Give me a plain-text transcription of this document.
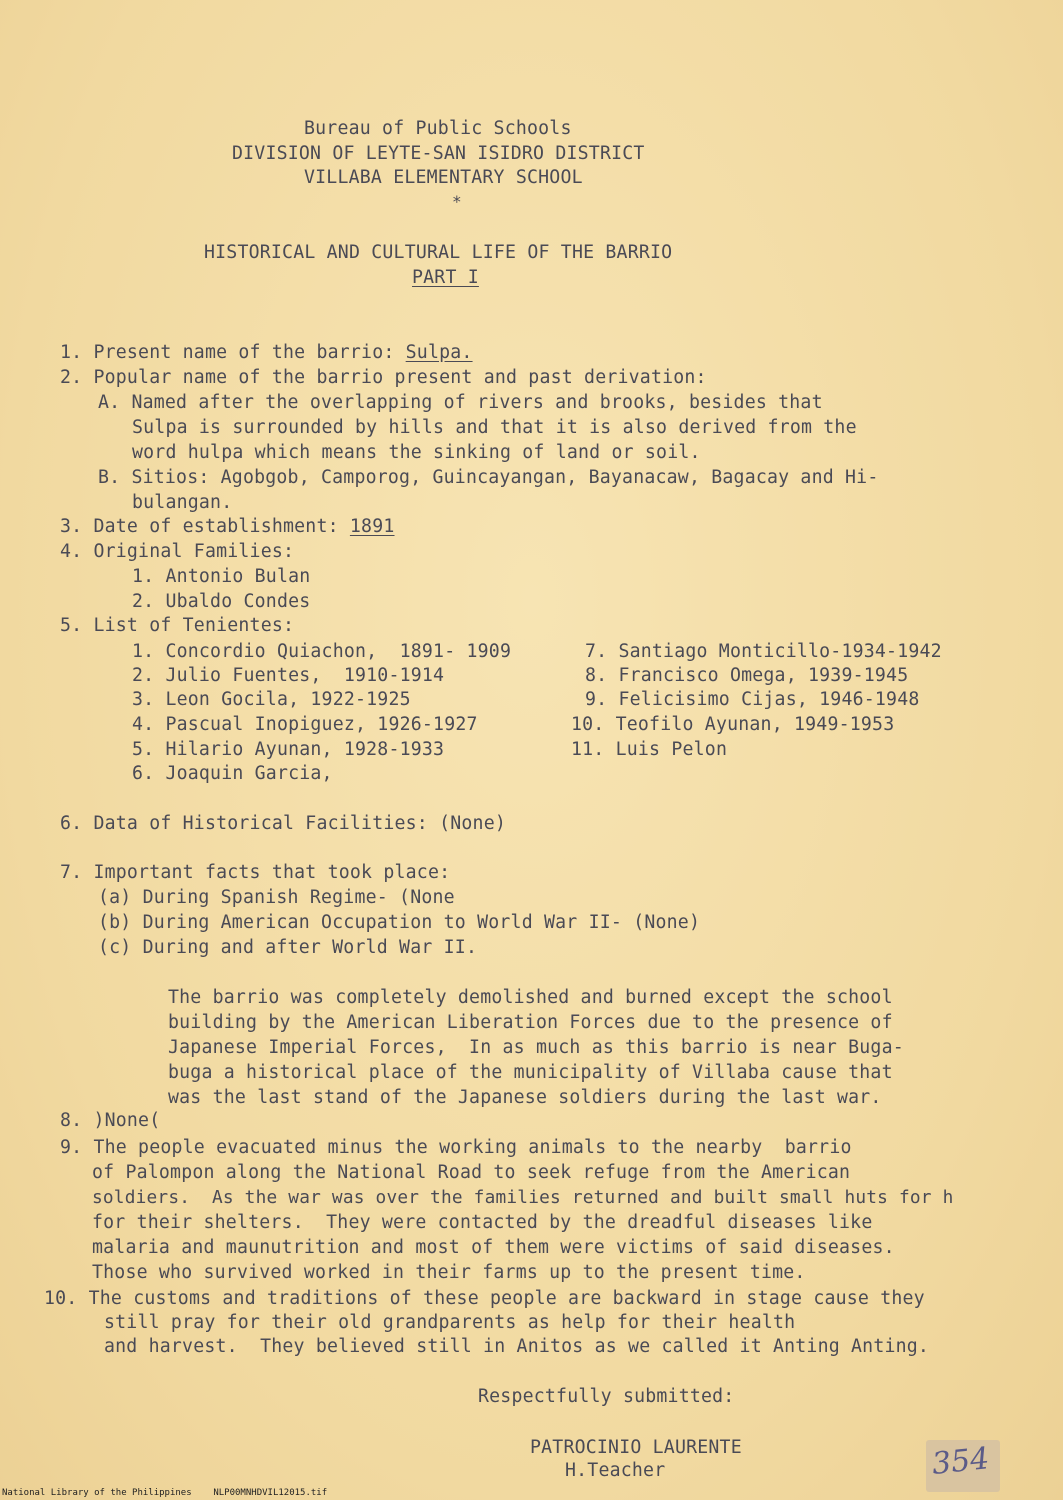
Bureau of Public Schools
DIVISION OF LEYTE-SAN ISIDRO DISTRICT
VILLABA ELEMENTARY SCHOOL
*
HISTORICAL AND CULTURAL LIFE OF THE BARRIO
PART I
1. Present name of the barrio: Sulpa.
2. Popular name of the barrio present and past derivation:
A. Named after the overlapping of rivers and brooks, besides that
Sulpa is surrounded by hills and that it is also derived from the
word hulpa which means the sinking of land or soil.
B. Sitios: Agobgob, Camporog, Guincayangan, Bayanacaw, Bagacay and Hi-
bulangan.
3. Date of establishment: 1891
4. Original Families:
1. Antonio Bulan
2. Ubaldo Condes
5. List of Tenientes:
1. Concordio Quiachon,  1891- 1909
2. Julio Fuentes,  1910-1914
3. Leon Gocila, 1922-1925
4. Pascual Inopiguez, 1926-1927
5. Hilario Ayunan, 1928-1933
6. Joaquin Garcia,
7. Santiago Monticillo-1934-1942
8. Francisco Omega, 1939-1945
9. Felicisimo Cijas, 1946-1948
10. Teofilo Ayunan, 1949-1953
11. Luis Pelon
6. Data of Historical Facilities: (None)
7. Important facts that took place:
(a) During Spanish Regime- (None
(b) During American Occupation to World War II- (None)
(c) During and after World War II.
The barrio was completely demolished and burned except the school
building by the American Liberation Forces due to the presence of
Japanese Imperial Forces,  In as much as this barrio is near Buga-
buga a historical place of the municipality of Villaba cause that
was the last stand of the Japanese soldiers during the last war.
8. )None(
9. The people evacuated minus the working animals to the nearby  barrio
of Palompon along the National Road to seek refuge from the American
soldiers.  As the war was over the families returned and built small huts for h
for their shelters.  They were contacted by the dreadful diseases like
malaria and maunutrition and most of them were victims of said diseases.
Those who survived worked in their farms up to the present time.
10. The customs and traditions of these people are backward in stage cause they
still pray for their old grandparents as help for their health
and harvest.  They believed still in Anitos as we called it Anting Anting.
Respectfully submitted:
PATROCINIO LAURENTE
H.Teacher	354
National Library of the Philippines NLP00MNHDVIL12015.tif
